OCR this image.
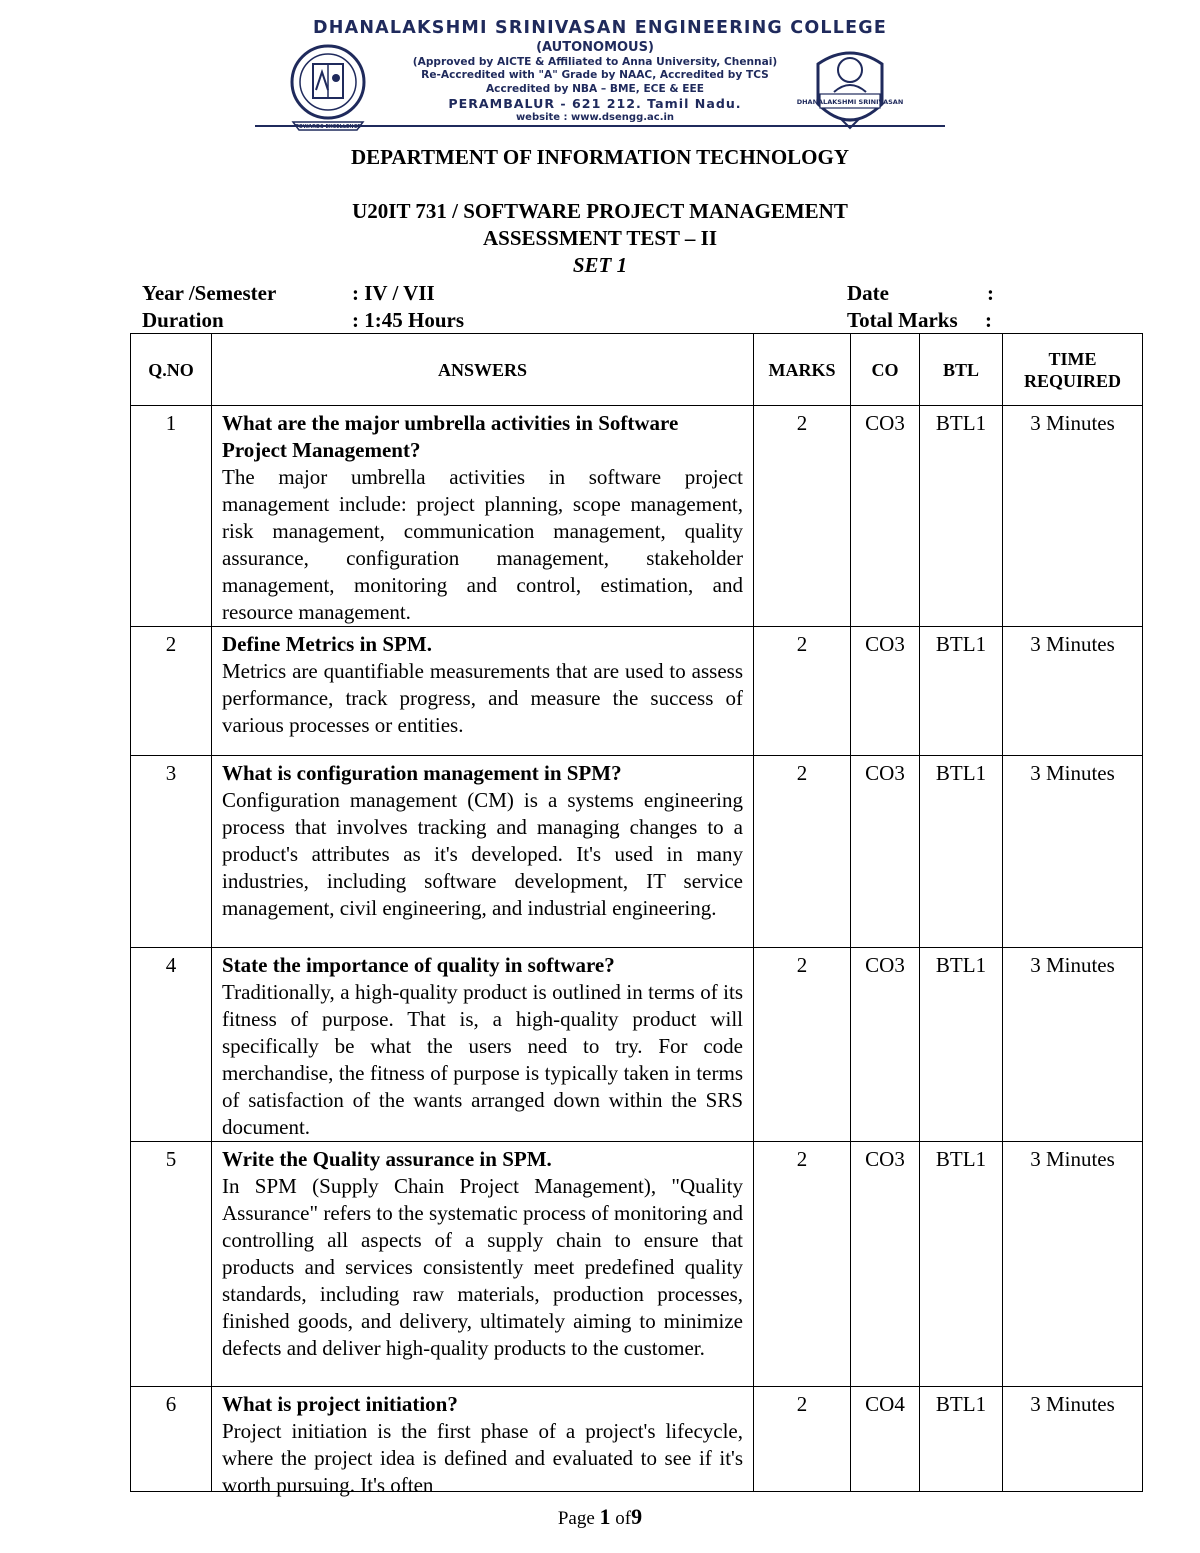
DHANALAKSHMI SRINIVASAN ENGINEERING COLLEGE
TOWARDS EXCELLENCE
(AUTONOMOUS)
(Approved by AICTE & Affiliated to Anna University, Chennai)
Re-Accredited with "A" Grade by NAAC, Accredited by TCS
Accredited by NBA – BME, ECE & EEE
PERAMBALUR - 621 212. Tamil Nadu.
website : www.dsengg.ac.in
DHANALAKSHMI SRINIVASAN
DEPARTMENT OF INFORMATION TECHNOLOGY
U20IT 731 / SOFTWARE PROJECT MANAGEMENT
ASSESSMENT TEST – II
SET 1
Year /Semester	: IV / VII
Duration	: 1:45 Hours
Date	:
Total Marks :
Q.NO	ANSWERS	MARKS	CO	BTL	TIME
REQUIRED
1	What are the major umbrella activities in Software Project Management?
The major umbrella activities in software project management include: project planning, scope management, risk management, communication management, quality assurance, configuration management, stakeholder management, monitoring and control, estimation, and resource management.	2	CO3	BTL1	3 Minutes
2	Define Metrics in SPM.
Metrics are quantifiable measurements that are used to assess performance, track progress, and measure the success of various processes or entities.	2	CO3	BTL1	3 Minutes
3	What is configuration management in SPM?
Configuration management (CM) is a systems engineering process that involves tracking and managing changes to a product's attributes as it's developed. It's used in many industries, including software development, IT service management, civil engineering, and industrial engineering.	2	CO3	BTL1	3 Minutes
4	State the importance of quality in software?
Traditionally, a high-quality product is outlined in terms of its fitness of purpose. That is, a high-quality product will specifically be what the users need to try. For code merchandise, the fitness of purpose is typically taken in terms of satisfaction of the wants arranged down within the SRS document.	2	CO3	BTL1	3 Minutes
5	Write the Quality assurance in SPM.
In SPM (Supply Chain Project Management), "Quality Assurance" refers to the systematic process of monitoring and controlling all aspects of a supply chain to ensure that products and services consistently meet predefined quality standards, including raw materials, production processes, finished goods, and delivery, ultimately aiming to minimize defects and deliver high-quality products to the customer.	2	CO3	BTL1	3 Minutes
6	What is project initiation?
Project initiation is the first phase of a project's lifecycle, where the project idea is defined and evaluated to see if it's worth pursuing. It's often	2	CO4	BTL1	3 Minutes
Page 1 of9
